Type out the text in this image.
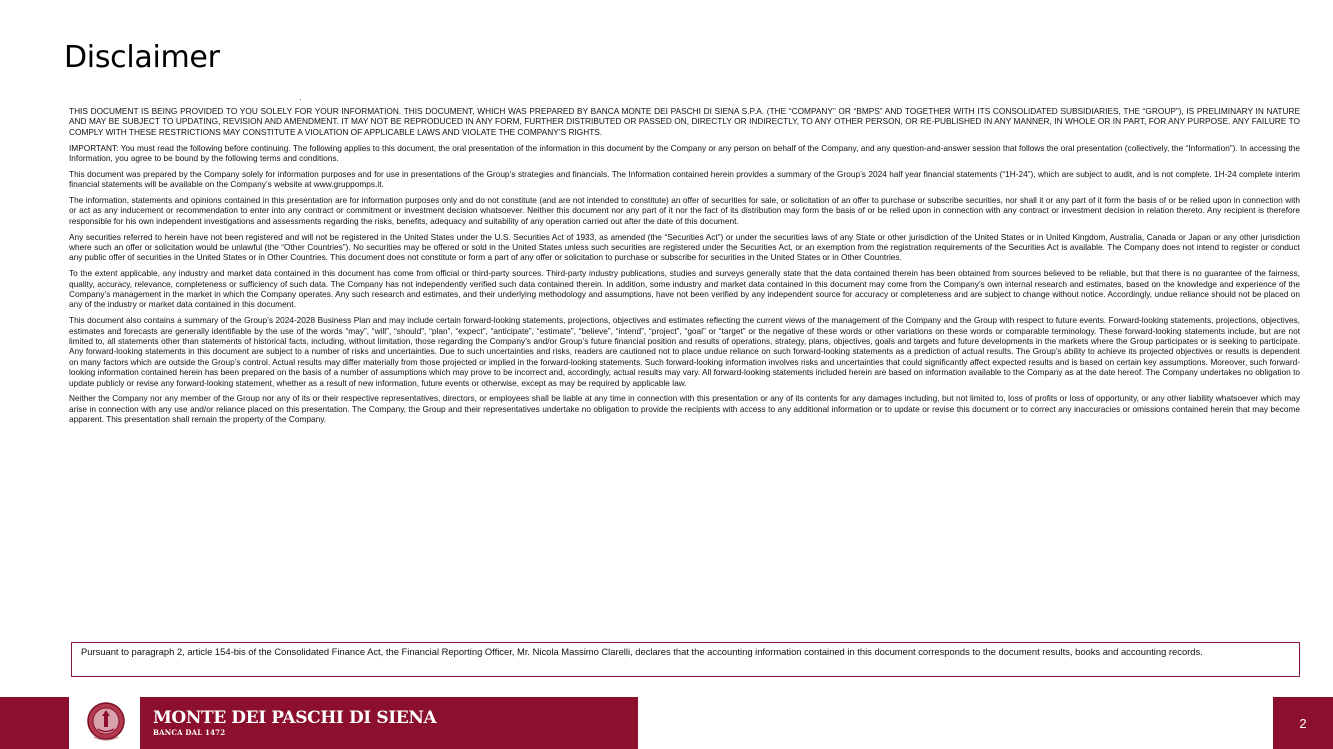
Disclaimer

THIS DOCUMENT IS BEING PROVIDED TO YOU SOLELY FOR YOUR INFORMATION. THIS DOCUMENT, WHICH WAS PREPARED BY BANCA MONTE DEI PASCHI DI SIENA S.P.A. (THE “COMPANY” OR “BMPS” AND TOGETHER WITH ITS CONSOLIDATED SUBSIDIARIES, THE “GROUP”), IS PRELIMINARY IN NATURE AND MAY BE SUBJECT TO UPDATING, REVISION AND AMENDMENT. IT MAY NOT BE REPRODUCED IN ANY FORM, FURTHER DISTRIBUTED OR PASSED ON, DIRECTLY OR INDIRECTLY, TO ANY OTHER PERSON, OR RE-PUBLISHED IN ANY MANNER, IN WHOLE OR IN PART, FOR ANY PURPOSE. ANY FAILURE TO COMPLY WITH THESE RESTRICTIONS MAY CONSTITUTE A VIOLATION OF APPLICABLE LAWS AND VIOLATE THE COMPANY’S RIGHTS.

IMPORTANT: You must read the following before continuing. The following applies to this document, the oral presentation of the information in this document by the Company or any person on behalf of the Company, and any question-and-answer session that follows the oral presentation (collectively, the “Information”). In accessing the Information, you agree to be bound by the following terms and conditions.

This document was prepared by the Company solely for information purposes and for use in presentations of the Group’s strategies and financials. The Information contained herein provides a summary of the Group’s 2024 half year financial statements (“1H-24”), which are subject to audit, and is not complete. 1H-24 complete interim financial statements will be available on the Company’s website at www.gruppomps.it.

The information, statements and opinions contained in this presentation are for information purposes only and do not constitute (and are not intended to constitute) an offer of securities for sale, or solicitation of an offer to purchase or subscribe securities, nor shall it or any part of it form the basis of or be relied upon in connection with or act as any inducement or recommendation to enter into any contract or commitment or investment decision whatsoever. Neither this document nor any part of it nor the fact of its distribution may form the basis of or be relied upon in connection with any contract or investment decision in relation thereto. Any recipient is therefore responsible for his own independent investigations and assessments regarding the risks, benefits, adequacy and suitability of any operation carried out after the date of this document.

Any securities referred to herein have not been registered and will not be registered in the United States under the U.S. Securities Act of 1933, as amended (the “Securities Act”) or under the securities laws of any State or other jurisdiction of the United States or in United Kingdom, Australia, Canada or Japan or any other jurisdiction where such an offer or solicitation would be unlawful (the “Other Countries”). No securities may be offered or sold in the United States unless such securities are registered under the Securities Act, or an exemption from the registration requirements of the Securities Act is available. The Company does not intend to register or conduct any public offer of securities in the United States or in Other Countries. This document does not constitute or form a part of any offer or solicitation to purchase or subscribe for securities in the United States or in Other Countries.

To the extent applicable, any industry and market data contained in this document has come from official or third-party sources. Third-party industry publications, studies and surveys generally state that the data contained therein has been obtained from sources believed to be reliable, but that there is no guarantee of the fairness, quality, accuracy, relevance, completeness or sufficiency of such data. The Company has not independently verified such data contained therein. In addition, some industry and market data contained in this document may come from the Company’s own internal research and estimates, based on the knowledge and experience of the Company’s management in the market in which the Company operates. Any such research and estimates, and their underlying methodology and assumptions, have not been verified by any independent source for accuracy or completeness and are subject to change without notice. Accordingly, undue reliance should not be placed on any of the industry or market data contained in this document.

This document also contains a summary of the Group’s 2024-2028 Business Plan and may include certain forward-looking statements, projections, objectives and estimates reflecting the current views of the management of the Company and the Group with respect to future events. Forward-looking statements, projections, objectives, estimates and forecasts are generally identifiable by the use of the words “may”, “will”, “should”, “plan”, “expect”, “anticipate”, “estimate”, “believe”, “intend”, “project”, “goal” or “target” or the negative of these words or other variations on these words or comparable terminology. These forward-looking statements include, but are not limited to, all statements other than statements of historical facts, including, without limitation, those regarding the Company’s and/or Group’s future financial position and results of operations, strategy, plans, objectives, goals and targets and future developments in the markets where the Group participates or is seeking to participate. Any forward-looking statements in this document are subject to a number of risks and uncertainties. Due to such uncertainties and risks, readers are cautioned not to place undue reliance on such forward-looking statements as a prediction of actual results. The Group’s ability to achieve its projected objectives or results is dependent on many factors which are outside the Group’s control. Actual results may differ materially from those projected or implied in the forward-looking statements. Such forward-looking information involves risks and uncertainties that could significantly affect expected results and is based on certain key assumptions. Moreover, such forward-looking information contained herein has been prepared on the basis of a number of assumptions which may prove to be incorrect and, accordingly, actual results may vary. All forward-looking statements included herein are based on information available to the Company as at the date hereof. The Company undertakes no obligation to update publicly or revise any forward-looking statement, whether as a result of new information, future events or otherwise, except as may be required by applicable law.

Neither the Company nor any member of the Group nor any of its or their respective representatives, directors, or employees shall be liable at any time in connection with this presentation or any of its contents for any damages including, but not limited to, loss of profits or loss of opportunity, or any other liability whatsoever which may arise in connection with any use and/or reliance placed on this presentation. The Company, the Group and their representatives undertake no obligation to provide the recipients with access to any additional information or to update or revise this document or to correct any inaccuracies or omissions contained herein that may become apparent. This presentation shall remain the property of the Company.

Pursuant to paragraph 2, article 154-bis of the Consolidated Finance Act, the Financial Reporting Officer, Mr. Nicola Massimo Clarelli, declares that the accounting information contained in this document corresponds to the document results, books and accounting records.
MONTE DEI PASCHI DI SIENA
BANCA DAL 1472
2
